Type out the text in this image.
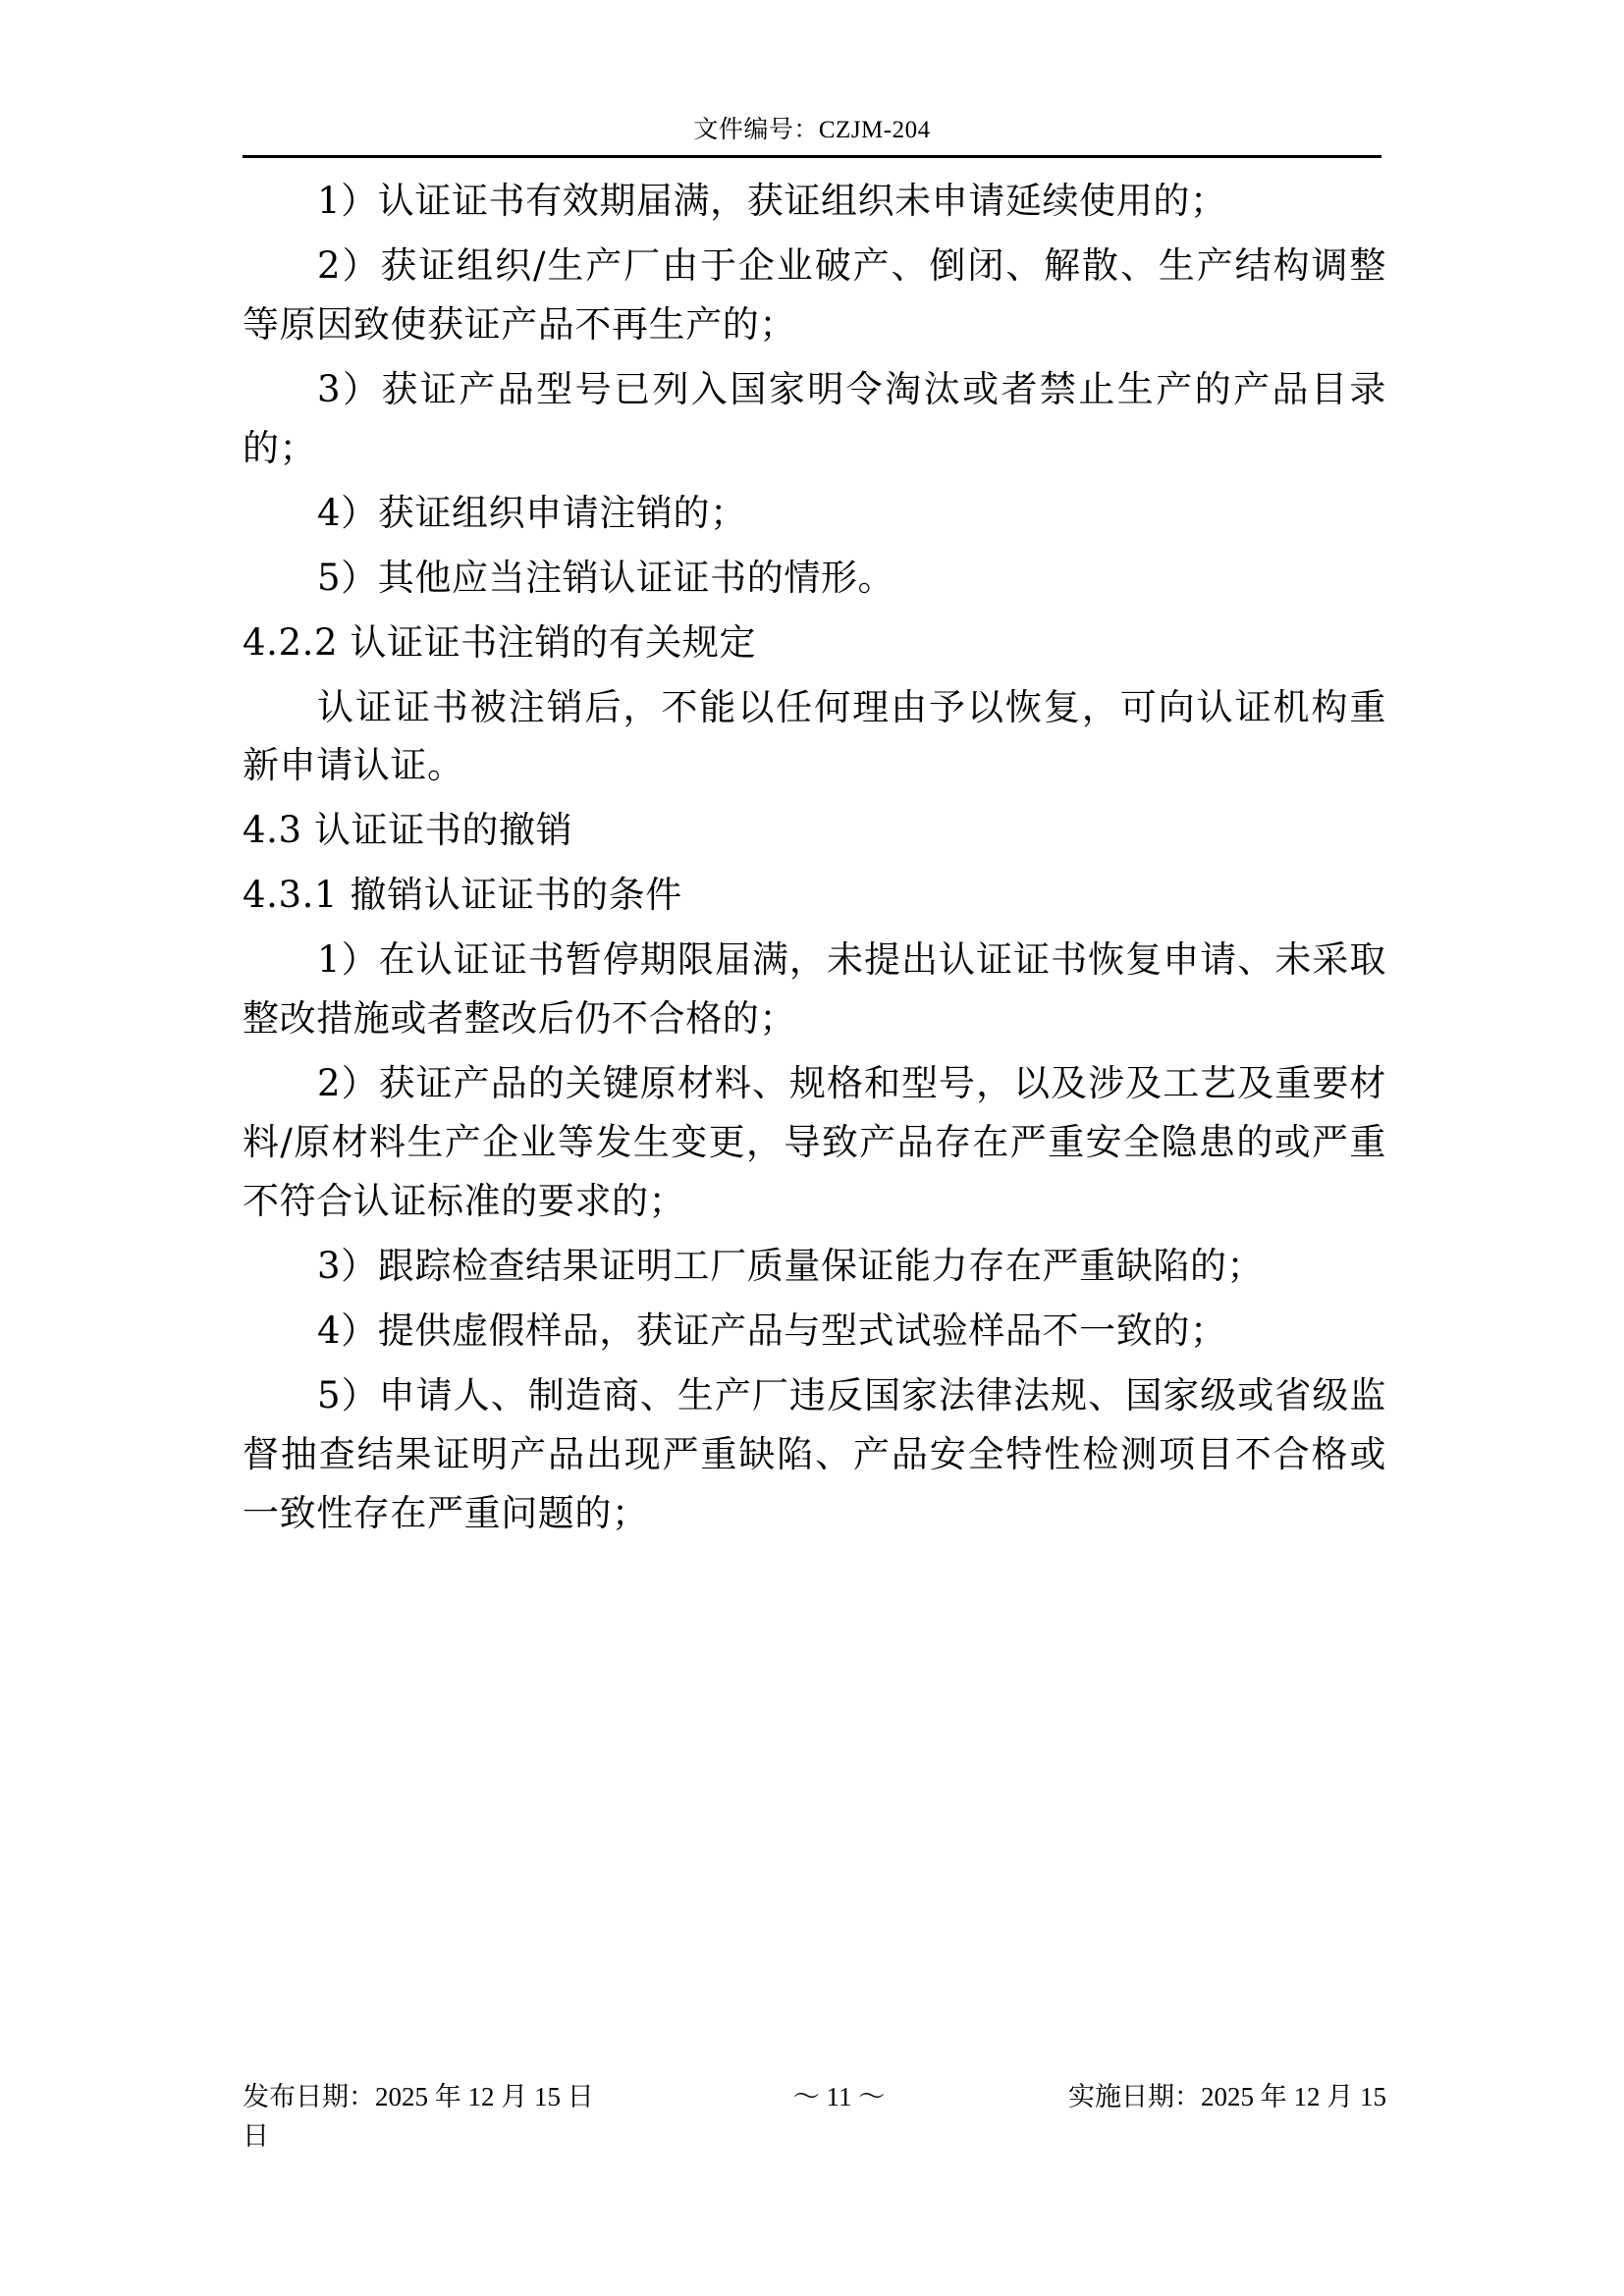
文件编号：CZJM-204

1）认证证书有效期届满，获证组织未申请延续使用的；

2）获证组织/生产厂由于企业破产、倒闭、解散、生产结构调整等原因致使获证产品不再生产的；

3）获证产品型号已列入国家明令淘汰或者禁止生产的产品目录的；

4）获证组织申请注销的；

5）其他应当注销认证证书的情形。

4.2.2 认证证书注销的有关规定

认证证书被注销后，不能以任何理由予以恢复，可向认证机构重新申请认证。

4.3 认证证书的撤销

4.3.1 撤销认证证书的条件

1）在认证证书暂停期限届满，未提出认证证书恢复申请、未采取整改措施或者整改后仍不合格的；

2）获证产品的关键原材料、规格和型号，以及涉及工艺及重要材料/原材料生产企业等发生变更，导致产品存在严重安全隐患的或严重不符合认证标准的要求的；

3）跟踪检查结果证明工厂质量保证能力存在严重缺陷的；

4）提供虚假样品，获证产品与型式试验样品不一致的；

5）申请人、制造商、生产厂违反国家法律法规、国家级或省级监督抽查结果证明产品出现严重缺陷、产品安全特性检测项目不合格或一致性存在严重问题的；

发布日期：2025 年 12 月 15 日	～ 11 ～	实施日期：2025 年 12 月 15
日
